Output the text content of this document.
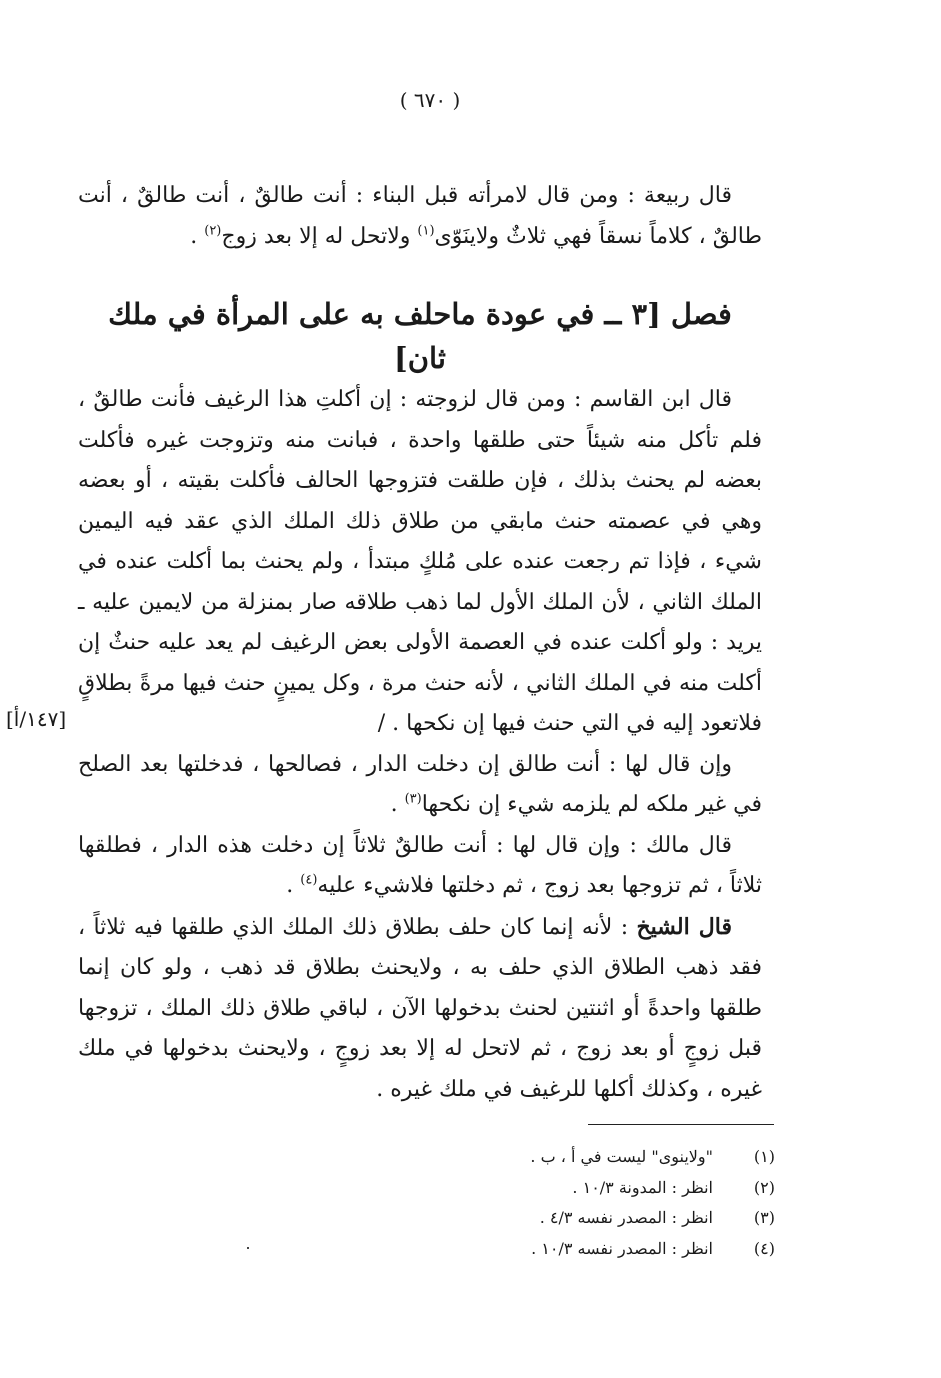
( ٦٧٠ )

قال ربيعة : ومن قال لامرأته قبل البناء : أنت طالقٌ ، أنت طالقٌ ، أنت طالقٌ ، كلاماً نسقاً فهي ثلاثٌ ولاينَوّى$^{(١)}$ ولاتحل له إلا بعد زوج$^{(٢)}$ .

فصل [٣ ــ في عودة ماحلف به على المرأة في ملك ثان]

قال ابن القاسم : ومن قال لزوجته : إن أكلتِ هذا الرغيف فأنت طالقٌ ، فلم تأكل منه شيئاً حتى طلقها واحدة ، فبانت منه وتزوجت غيره فأكلت بعضه لم يحنث بذلك ، فإن طلقت فتزوجها الحالف فأكلت بقيته ، أو بعضه وهي في عصمته حنث مابقي من طلاق ذلك الملك الذي عقد فيه اليمين شيء ، فإذا تم رجعت عنده على مُلكٍ مبتدأ ، ولم يحنث بما أكلت عنده في الملك الثاني ، لأن الملك الأول لما ذهب طلاقه صار بمنزلة من لايمين عليه ـ يريد : ولو أكلت عنده في العصمة الأولى بعض الرغيف لم يعد عليه حنثٌ إن أكلت منه في الملك الثاني ، لأنه حنث مرة ، وكل يمينٍ حنث فيها مرةً بطلاقٍ فلاتعود إليه في التي حنث فيها إن نكحها . /

وإن قال لها : أنت طالق إن دخلت الدار ، فصالحها ، فدخلتها بعد الصلح في غير ملكه لم يلزمه شيء إن نكحها$^{(٣)}$ .

قال مالك : وإن قال لها : أنت طالقٌ ثلاثاً إن دخلت هذه الدار ، فطلقها ثلاثاً ، ثم تزوجها بعد زوج ، ثم دخلتها فلاشيء عليه$^{(٤)}$ .

قال الشيخ : لأنه إنما كان حلف بطلاق ذلك الملك الذي طلقها فيه ثلاثاً ، فقد ذهب الطلاق الذي حلف به ، ولايحنث بطلاق قد ذهب ، ولو كان إنما طلقها واحدةً أو اثنتين لحنث بدخولها الآن ، لباقي طلاق ذلك الملك ، تزوجها قبل زوجٍ أو بعد زوج ، ثم لاتحل له إلا بعد زوجٍ ، ولايحنث بدخولها في ملك غيره ، وكذلك أكلها للرغيف في ملك غيره .

[١٤٧/أ]
(١)
"ولاينوى" ليست في أ ، ب .
(٢)
انظر : المدونة ١٠/٣ .
(٣)
انظر : المصدر نفسه ٤/٣ .
(٤)
انظر : المصدر نفسه ١٠/٣ .
